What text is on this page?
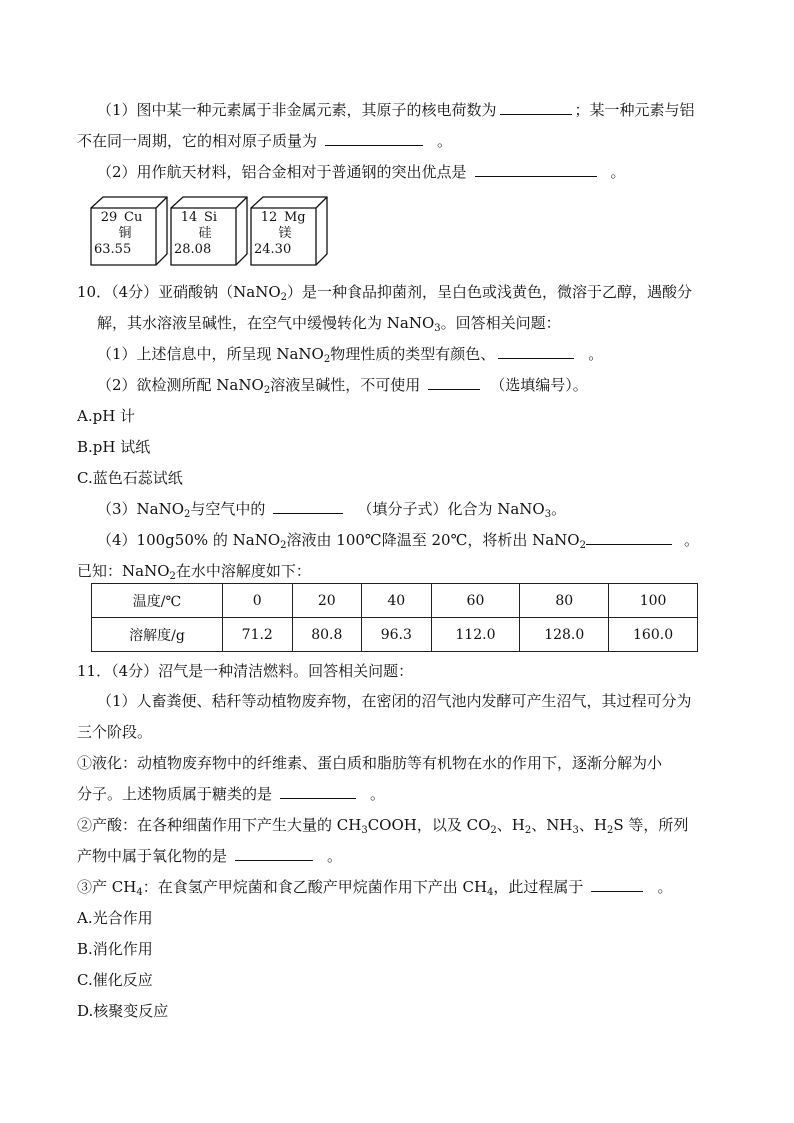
（1）图中某一种元素属于非金属元素，其原子的核电荷数为	；某一种元素与铝
不在同一周期，它的相对原子质量为	。
（2）用作航天材料，铝合金相对于普通钢的突出优点是	。
29 Cu
铜
63.55
14 Si
硅
28.08
12 Mg
镁
24.30
10．（4分）亚硝酸钠（NaNO$_2$）是一种食品抑菌剂，呈白色或浅黄色，微溶于乙醇，遇酸分
解，其水溶液呈碱性，在空气中缓慢转化为 NaNO$_3$。回答相关问题：
（1）上述信息中，所呈现 NaNO$_2$物理性质的类型有颜色、	。
（2）欲检测所配 NaNO$_2$溶液呈碱性，不可使用	（选填编号）。
A.pH 计
B.pH 试纸
C.蓝色石蕊试纸
（3）NaNO$_2$与空气中的	（填分子式）化合为 NaNO$_3$。
（4）100g50% 的 NaNO$_2$溶液由 100℃降温至 20℃，将析出 NaNO$_2$	。
已知：NaNO$_2$在水中溶解度如下：
温度/℃	0	20	40	60	80	100
溶解度/g	71.2	80.8	96.3	112.0	128.0	160.0
11．（4分）沼气是一种清洁燃料。回答相关问题：
（1）人畜粪便、秸秆等动植物废弃物，在密闭的沼气池内发酵可产生沼气，其过程可分为
三个阶段。
①液化：动植物废弃物中的纤维素、蛋白质和脂肪等有机物在水的作用下，逐渐分解为小
分子。上述物质属于糖类的是	。
②产酸：在各种细菌作用下产生大量的 $CH_3COOH$，以及 $CO_2$、$H_2$、$NH_3$、$H_2S$ 等，所列
产物中属于氧化物的是	。
③产 $CH_4$：在食氢产甲烷菌和食乙酸产甲烷菌作用下产出 $CH_4$，此过程属于	。
A.光合作用
B.消化作用
C.催化反应
D.核聚变反应
